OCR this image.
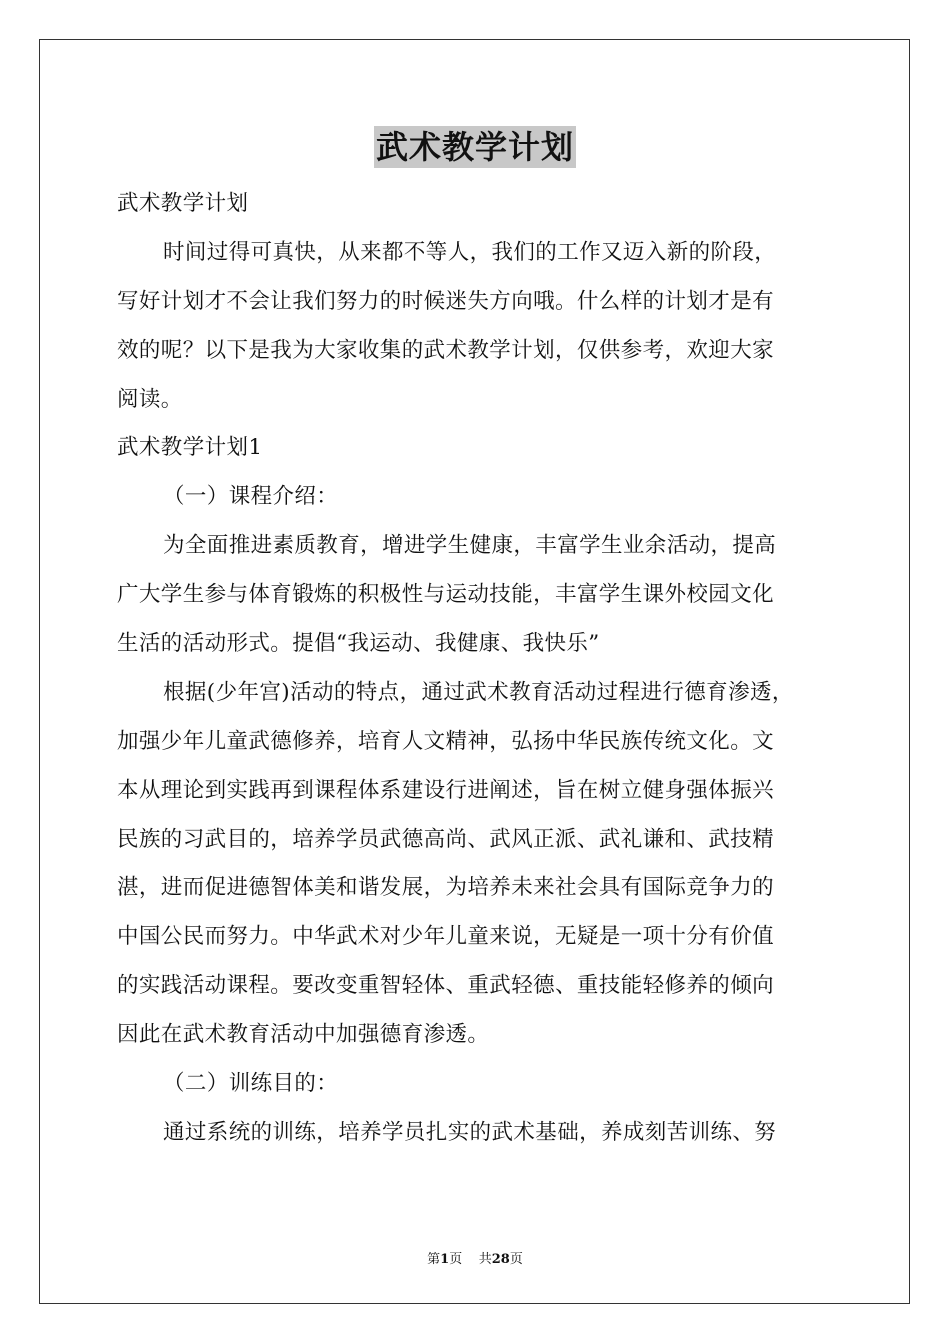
武术教学计划
武术教学计划
时间过得可真快，从来都不等人，我们的工作又迈入新的阶段，
写好计划才不会让我们努力的时候迷失方向哦。什么样的计划才是有
效的呢？以下是我为大家收集的武术教学计划，仅供参考，欢迎大家
阅读。
武术教学计划1
（一）课程介绍：
为全面推进素质教育，增进学生健康，丰富学生业余活动，提高
广大学生参与体育锻炼的积极性与运动技能，丰富学生课外校园文化
生活的活动形式。提倡“我运动、我健康、我快乐”
根据(少年宫)活动的特点，通过武术教育活动过程进行德育渗透，
加强少年儿童武德修养，培育人文精神，弘扬中华民族传统文化。文
本从理论到实践再到课程体系建设行进阐述，旨在树立健身强体振兴
民族的习武目的，培养学员武德高尚、武风正派、武礼谦和、武技精
湛，进而促进德智体美和谐发展，为培养未来社会具有国际竞争力的
中国公民而努力。中华武术对少年儿童来说，无疑是一项十分有价值
的实践活动课程。要改变重智轻体、重武轻德、重技能轻修养的倾向
因此在武术教育活动中加强德育渗透。
（二）训练目的：
通过系统的训练，培养学员扎实的武术基础，养成刻苦训练、努
第1页 共28页
